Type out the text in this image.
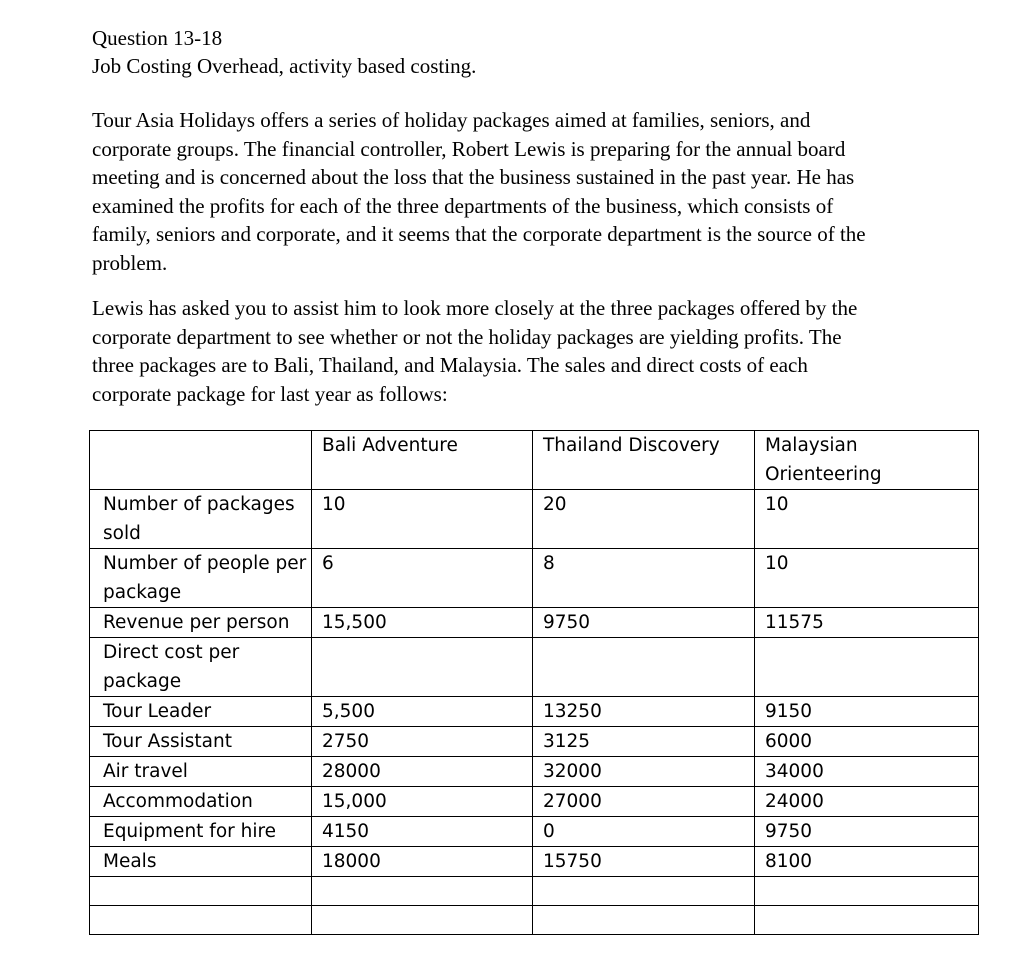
Question 13-18
Job Costing Overhead, activity based costing.
Tour Asia Holidays offers a series of holiday packages aimed at families, seniors, and
corporate groups. The financial controller, Robert Lewis is preparing for the annual board
meeting and is concerned about the loss that the business sustained in the past year. He has
examined the profits for each of the three departments of the business, which consists of
family, seniors and corporate, and it seems that the corporate department is the source of the
problem.
Lewis has asked you to assist him to look more closely at the three packages offered by the
corporate department to see whether or not the holiday packages are yielding profits. The
three packages are to Bali, Thailand, and Malaysia. The sales and direct costs of each
corporate package for last year as follows:
	Bali Adventure	Thailand Discovery	Malaysian
Orienteering
Number of packages sold	10	20	10
Number of people per package	6	8	10
Revenue per person	15,500	9750	11575
Direct cost per package			
Tour Leader	5,500	13250	9150
Tour Assistant	2750	3125	6000
Air travel	28000	32000	34000
Accommodation	15,000	27000	24000
Equipment for hire	4150	0	9750
Meals	18000	15750	8100
